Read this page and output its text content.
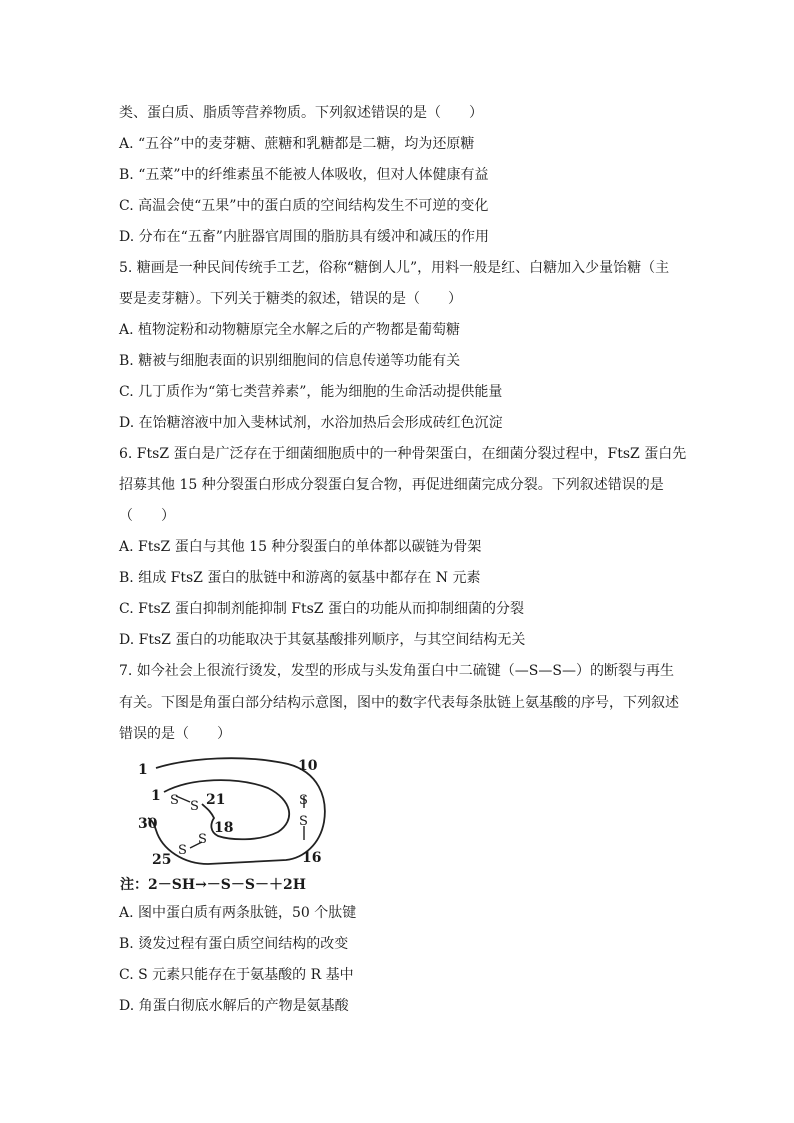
类、蛋白质、脂质等营养物质。下列叙述错误的是（　　）
A. “五谷”中的麦芽糖、蔗糖和乳糖都是二糖，均为还原糖
B. “五菜”中的纤维素虽不能被人体吸收，但对人体健康有益
C. 高温会使“五果”中的蛋白质的空间结构发生不可逆的变化
D. 分布在“五畜”内脏器官周围的脂肪具有缓冲和减压的作用
5. 糖画是一种民间传统手工艺，俗称“糖倒人儿”，用料一般是红、白糖加入少量饴糖（主
要是麦芽糖）。下列关于糖类的叙述，错误的是（　　）
A. 植物淀粉和动物糖原完全水解之后的产物都是葡萄糖
B. 糖被与细胞表面的识别细胞间的信息传递等功能有关
C. 几丁质作为“第七类营养素”，能为细胞的生命活动提供能量
D. 在饴糖溶液中加入斐林试剂，水浴加热后会形成砖红色沉淀
6. FtsZ 蛋白是广泛存在于细菌细胞质中的一种骨架蛋白，在细菌分裂过程中，FtsZ 蛋白先
招募其他 15 种分裂蛋白形成分裂蛋白复合物，再促进细菌完成分裂。下列叙述错误的是
（　　）
A. FtsZ 蛋白与其他 15 种分裂蛋白的单体都以碳链为骨架
B. 组成 FtsZ 蛋白的肽链中和游离的氨基中都存在 N 元素
C. FtsZ 蛋白抑制剂能抑制 FtsZ 蛋白的功能从而抑制细菌的分裂
D. FtsZ 蛋白的功能取决于其氨基酸排列顺序，与其空间结构无关
7. 如今社会上很流行烫发，发型的形成与头发角蛋白中二硫键（—S—S—）的断裂与再生
有关。下图是角蛋白部分结构示意图，图中的数字代表每条肽链上氨基酸的序号，下列叙述
错误的是（　　）
1	10
1	21
18
30
25	16
S S	S
S
S
S
注：2－SH→－S－S－＋2H
A. 图中蛋白质有两条肽链，50 个肽键
B. 烫发过程有蛋白质空间结构的改变
C. S 元素只能存在于氨基酸的 R 基中
D. 角蛋白彻底水解后的产物是氨基酸
